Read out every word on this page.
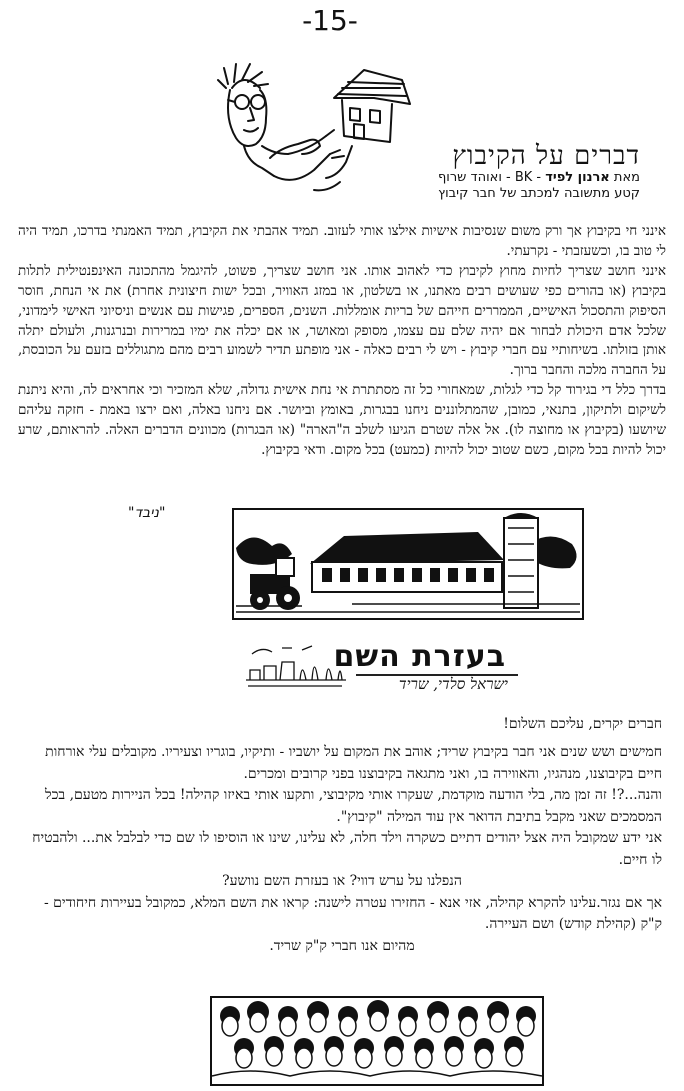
-15-
דברים על הקיבוץ
מאת ארנון לפיד - BK - ואוהד שרוף
קטע מתשובה למכתב של חבר קיבוץ

אינני חי בקיבוץ אך ורק משום שנסיבות אישיות אילצו אותי לעזוב. תמיד אהבתי את הקיבוץ, תמיד האמנתי בדרכו, תמיד היה לי טוב בו, וכשעזבתי - נקרעתי.

אינני חושב שצריך לחיות מחוץ לקיבוץ כדי לאהוב אותו. אני חושב שצריך, פשוט, להיגמל מהתכונה האינפנטילית לתלות בקיבוץ (או בהורים כפי שעושים רבים מאתנו, או בשלטון, או במזג האוויר, ובכל ישות חיצונית אחרת) את אי הנחת, חוסר הסיפוק והתסכול האישיים, הממררים חייהם של בריות אומללות. השנים, הספרים, פגישות עם אנשים וניסיוני האישי לימדוני, שלכל אדם היכולת לבחור אם יהיה שלם עם עצמו, מסופק ומאושר, או אם יכלה את ימיו במרירות ובנרגנות, ולעולם יתלה אותן בזולתו. בשיחותיי עם חברי קיבוץ - ויש לי רבים כאלה - אני מופתע תדיר לשמוע רבים מהם מתגוללים בזעם על הכובסת, על החברה מלכה והחבר ברוך.

בדרך כלל די בגירוד קל כדי לגלות, שמאחורי כל זה מסתתרת אי נחת אישית גדולה, שלא המזכיר וכי אחראים לה, והיא ניתנת לשיקום ולתיקון, בתנאי, כמובן, שהמתלוננים ניחנו בבגרות, באומץ וביושר. אם ניחנו באלה, ואם ירצו באמת - חזקה עליהם שיושעו (בקיבוץ או מחוצה לו). אל אלה שטרם הגיעו לשלב ה"הארה" (או הבגרות) מכוונים הדברים האלה. להראותם, שרע יכול להיות בכל מקום, כשם שטוב יכול להיות (כמעט) בכל מקום. ודאי בקיבוץ.

"ניבד"
בעזרת השם
ישראל סלדי, שריד
חברים יקרים, עליכם השלום!

חמישים ושש שנים אני חבר בקיבוץ שריד; אוהב את המקום על יושביו - ותיקיו, בוגריו וצעיריו. מקובלים עלי אורחות חיים בקיבוצנו, מנהגיו, והאווירה בו, ואני מתגאה בקיבוצנו בפני קרובים ומכרים.

והנה...?! זה זמן מה, בלי הודעה מוקדמת, שעקרו אותי מקיבוצי, ותקעו אותי באיזו קהילה! בכל הניירות מטעם, בכל המסמכים שאני מקבל בתיבת הדואר אין עוד המילה "קיבוץ".

אני ידע שמקובל היה אצל יהודים דתיים כשקרה וילד חלה, לא עלינו, שינו או הוסיפו לו שם כדי לבלבל את... ולהבטיח לו חיים.

הנפלנו על ערש דווי? או בעזרת השם נוושע?

אך אם נגזר.עלינו להקרא קהילה, אזי אנא - החזירו עטרה לישנה: קראו את השם המלא, כמקובל בעיירות חיחודים - ק"ק (קהילת קודש) ושם העיירה.

מהיום אנו חברי ק"ק שריד.
